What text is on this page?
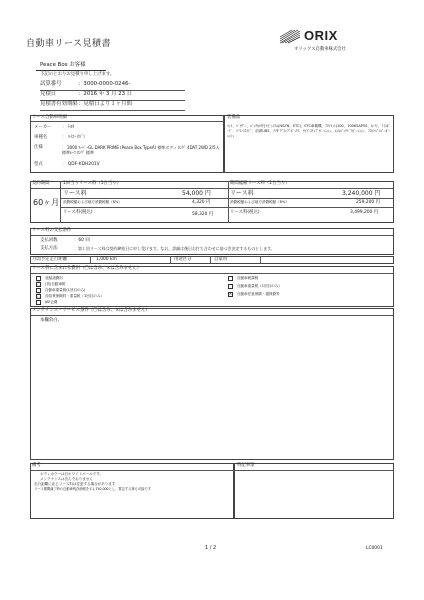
自動車リース見積書
ORIX
オリックス自動車株式会社
Peace Box お客様
下記のとおりお見積り申し上げます。
試算番号	：3000-0000-0246-
見積日	：2016 年 3 月 23 日
見積書有効期限 ：見積日より１ヶ月間
リース自動車明細
メーカー ： ﾄﾖﾀ
車種名	： ﾊｲｴｰｽﾊﾞﾝ
仕様	： 3000 ｽｰﾊﾟｰGL DARK PRIME (Peace Box TypeA) 標準ボディ ﾛﾝｸﾞ 4DAT 2WD 2/5人 標準ﾙｰﾌ ﾛﾝｸﾞ 標準
型式	： QDF-KDH201V
装備品
ﾏｯﾄ、ﾊﾞｲｻﾞｰ、ﾊﾞｯｸｶﾒﾗ付ﾅﾋﾞｼｽﾃﾑ(NSZN、ETC)、ETC車載機、ﾌﾛｱﾏｯﾄ(100、10065AP5S、ｶｰﾃﾝ、ｱｲｽﾎﾞｰﾄﾞ、ﾊﾟﾜｰｽﾗｲﾄﾞ、前席UBS、ｱﾂﾀﾞｸﾞﾛｰﾌﾞﾎﾞｯｸｽ、ｻｲﾄﾞｽﾃｯﾌﾟｶﾞｰﾆｯｼｭ、ﾒｯｷﾊﾞｯｸﾄﾞｱｶﾞｰﾆｯｼｭ、ﾌﾛﾝﾄﾊﾞﾝﾊﾟｰｶﾞｰﾆｯｼｭ
契約期間
60ヶ月
1回当りリース料（1台当り）
リース料	54,000 円
消費税額および地方消費税額（8%）	4,320 円
リース料(税込)	58,320 円
期間総額リース料（1台当り）
リース料	3,240,000 円
消費税額および地方消費税額（8%）	259,200 円
リース料(税込)	3,499,200 円
リース料の支払条件
支払回数	：60 回
支払方法	：第１回リース料は契約締結日に申し受けます。なお、詳細は後日お打ち合わせに基づき決定するものとします。
月間予定走行距離	1,000 km	用途区分	自家用
リース料に含まれる費用（〇は含み、×は含みません）
登録諸費用
〇 (初)自動車税
自動車重量税(1回目のみ)
〇 自賠責保険料・重量税（1回目のみ）
JAF会費
自動車税課税
自動車重量税（1回目のみ）
× 自動車任意保険・損保費等
メンテナンス・サービス条件（〇は含み、×は含みません）
本欄余白。
備考
ボディカラーは日ホワイトパールです。
メンテナンスは含んでおりません
走行距離に応じリース料は変更する場合があります
リース期間満了時の自動車残存価格を￥1,750,000とし、算定する事も可能です
特記事項
1 / 2	LC0001
